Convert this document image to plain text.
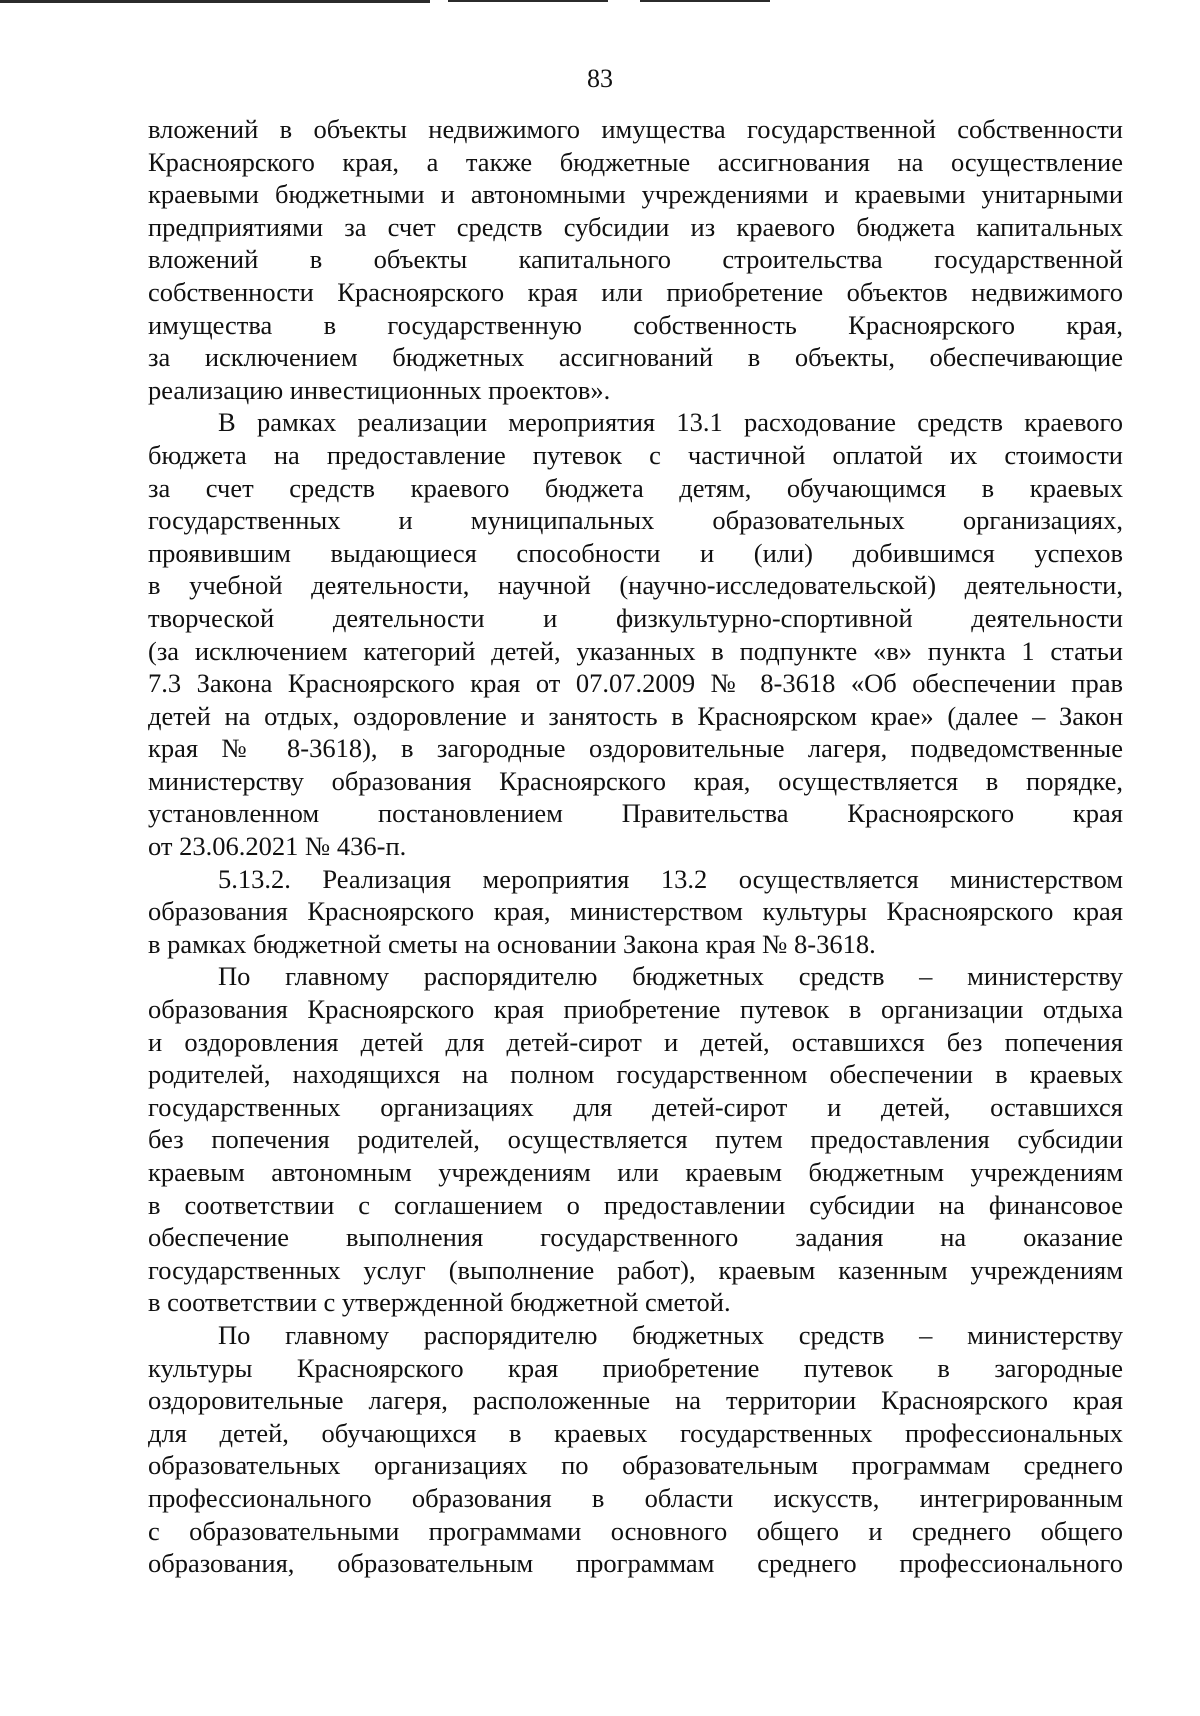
83
вложений в объекты недвижимого имущества государственной собственности
Красноярского края, а также бюджетные ассигнования на осуществление
краевыми бюджетными и автономными учреждениями и краевыми унитарными
предприятиями за счет средств субсидии из краевого бюджета капитальных
вложений в объекты капитального строительства государственной
собственности Красноярского края или приобретение объектов недвижимого
имущества в государственную собственность Красноярского края,
за исключением бюджетных ассигнований в объекты, обеспечивающие
реализацию инвестиционных проектов».
В рамках реализации мероприятия 13.1 расходование средств краевого
бюджета на предоставление путевок с частичной оплатой их стоимости
за счет средств краевого бюджета детям, обучающимся в краевых
государственных и муниципальных образовательных организациях,
проявившим выдающиеся способности и (или) добившимся успехов
в учебной деятельности, научной (научно-исследовательской) деятельности,
творческой деятельности и физкультурно-спортивной деятельности
(за исключением категорий детей, указанных в подпункте «в» пункта 1 статьи
7.3 Закона Красноярского края от 07.07.2009 № 8-3618 «Об обеспечении прав
детей на отдых, оздоровление и занятость в Красноярском крае» (далее – Закон
края № 8-3618), в загородные оздоровительные лагеря, подведомственные
министерству образования Красноярского края, осуществляется в порядке,
установленном постановлением Правительства Красноярского края
от 23.06.2021 № 436-п.
5.13.2. Реализация мероприятия 13.2 осуществляется министерством
образования Красноярского края, министерством культуры Красноярского края
в рамках бюджетной сметы на основании Закона края № 8-3618.
По главному распорядителю бюджетных средств – министерству
образования Красноярского края приобретение путевок в организации отдыха
и оздоровления детей для детей-сирот и детей, оставшихся без попечения
родителей, находящихся на полном государственном обеспечении в краевых
государственных организациях для детей-сирот и детей, оставшихся
без попечения родителей, осуществляется путем предоставления субсидии
краевым автономным учреждениям или краевым бюджетным учреждениям
в соответствии с соглашением о предоставлении субсидии на финансовое
обеспечение выполнения государственного задания на оказание
государственных услуг (выполнение работ), краевым казенным учреждениям
в соответствии с утвержденной бюджетной сметой.
По главному распорядителю бюджетных средств – министерству
культуры Красноярского края приобретение путевок в загородные
оздоровительные лагеря, расположенные на территории Красноярского края
для детей, обучающихся в краевых государственных профессиональных
образовательных организациях по образовательным программам среднего
профессионального образования в области искусств, интегрированным
с образовательными программами основного общего и среднего общего
образования, образовательным программам среднего профессионального
